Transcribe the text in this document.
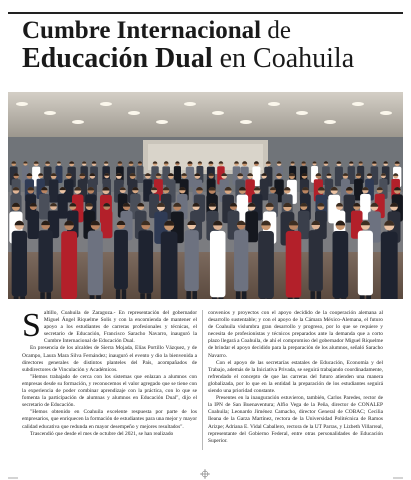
Cumbre Internacional de
Educación Dual en Coahuila

Saltillo, Coahuila de Zaragoza.- En representación del gobernador Miguel Ángel Riquelme Solís y con la encomienda de mantener el apoyo a los estudiantes de carreras profesionales y técnicas, el secretario de Educación, Francisco Saracho Navarro, inauguró la Cumbre Internacional de Educación Dual.

En presencia de los alcaldes de Sierra Mojada, Elías Portillo Vázquez, y de Ocampo, Laura Mara Silva Fernández; inauguró el evento y dio la bienvenida a directores generales de distintos planteles del País, acompañados de subdirectores de Vinculación y Académicos.

"Hemos trabajado de cerca con los sistemas que enlazan a alumnos con empresas desde su formación, y reconocemos el valor agregado que se tiene con la experiencia de poder combinar aprendizaje con la práctica, con lo que se fomenta la participación de alumnas y alumnos en Educación Dual", dijo el secretario de Educación.

"Hemos obtenido en Coahuila excelente respuesta por parte de los empresarios, que enriquecen la formación de estudiantes para una mejor y mayor calidad educativa que redunda en mayor desempeño y mejores resultados".

Trascendió que desde el mes de octubre del 2021, se han realizado

convenios y proyectos con el apoyo decidido de la cooperación alemana al desarrollo sustentable; y con el apoyo de la Cámara México-Alemana, el futuro de Coahuila vislumbra gran desarrollo y progreso, por lo que se requiere y necesita de profesionistas y técnicos preparados ante la demanda que a corto plazo llegará a Coahuila, de ahí el compromiso del gobernador Miguel Riquelme de brindar el apoyo decidido para la preparación de los alumnos, señaló Saracho Navarro.

Con el apoyo de las secretarías estatales de Educación, Economía y del Trabajo, además de la Iniciativa Privada, se seguirá trabajando coordinadamente, refrendado el concepto de que las carreras del futuro atienden una manera globalizada, por lo que en la entidad la preparación de los estudiantes seguirá siendo una prioridad constante.

Presentes en la inauguración estuvieron, también, Carlos Paredes, rector de la IPN de San Buenaventura; Alfio Vega de la Peña, director de CONALEP Coahuila; Leonardo Jiménez Camacho, director General de COBAC; Cecilia Ileana de la Garza Martínez, rectora de la Universidad Politécnica de Ramos Arizpe; Adriana E. Vidal Caballero, rectora de la UT Parras, y Lizbeth Villarreal, representante del Gobierno Federal, entre otras personalidades de Educación Superior.
